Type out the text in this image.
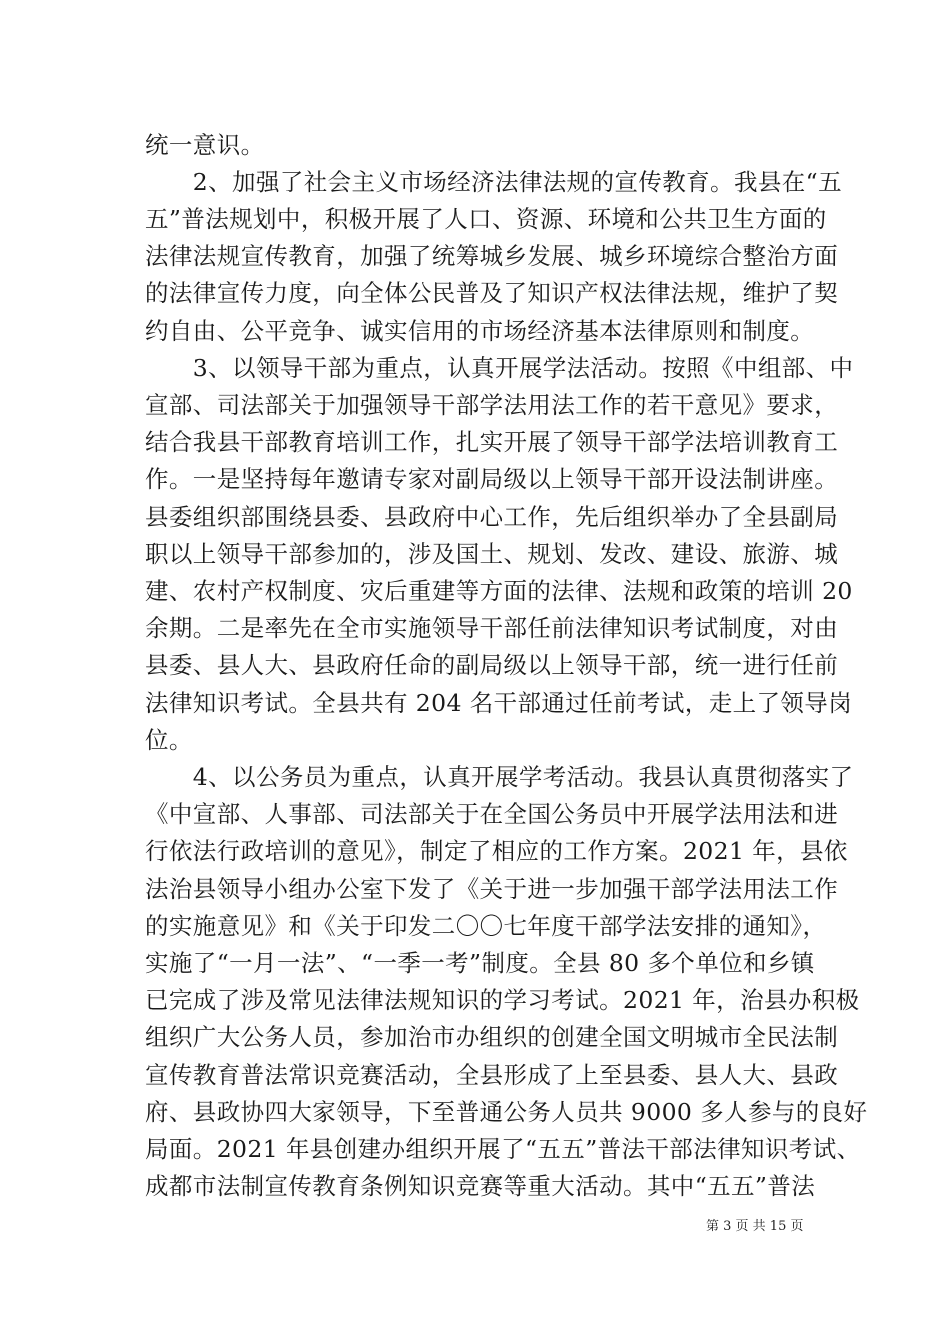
统一意识。
　　2、加强了社会主义市场经济法律法规的宣传教育。我县在“五
五”普法规划中，积极开展了人口、资源、环境和公共卫生方面的
法律法规宣传教育，加强了统筹城乡发展、城乡环境综合整治方面
的法律宣传力度，向全体公民普及了知识产权法律法规，维护了契
约自由、公平竞争、诚实信用的市场经济基本法律原则和制度。
　　3、以领导干部为重点，认真开展学法活动。按照《中组部、中
宣部、司法部关于加强领导干部学法用法工作的若干意见》要求，
结合我县干部教育培训工作，扎实开展了领导干部学法培训教育工
作。一是坚持每年邀请专家对副局级以上领导干部开设法制讲座。
县委组织部围绕县委、县政府中心工作，先后组织举办了全县副局
职以上领导干部参加的，涉及国土、规划、发改、建设、旅游、城
建、农村产权制度、灾后重建等方面的法律、法规和政策的培训 20
余期。二是率先在全市实施领导干部任前法律知识考试制度，对由
县委、县人大、县政府任命的副局级以上领导干部，统一进行任前
法律知识考试。全县共有 204 名干部通过任前考试，走上了领导岗
位。
　　4、以公务员为重点，认真开展学考活动。我县认真贯彻落实了
《中宣部、人事部、司法部关于在全国公务员中开展学法用法和进
行依法行政培训的意见》，制定了相应的工作方案。2021 年，县依
法治县领导小组办公室下发了《关于进一步加强干部学法用法工作
的实施意见》和《关于印发二〇〇七年度干部学法安排的通知》，
实施了“一月一法”、“一季一考”制度。全县 80 多个单位和乡镇
已完成了涉及常见法律法规知识的学习考试。2021 年，治县办积极
组织广大公务人员，参加治市办组织的创建全国文明城市全民法制
宣传教育普法常识竞赛活动，全县形成了上至县委、县人大、县政
府、县政协四大家领导，下至普通公务人员共 9000 多人参与的良好
局面。2021 年县创建办组织开展了“五五”普法干部法律知识考试、
成都市法制宣传教育条例知识竞赛等重大活动。其中“五五”普法
第 3 页 共 15 页
